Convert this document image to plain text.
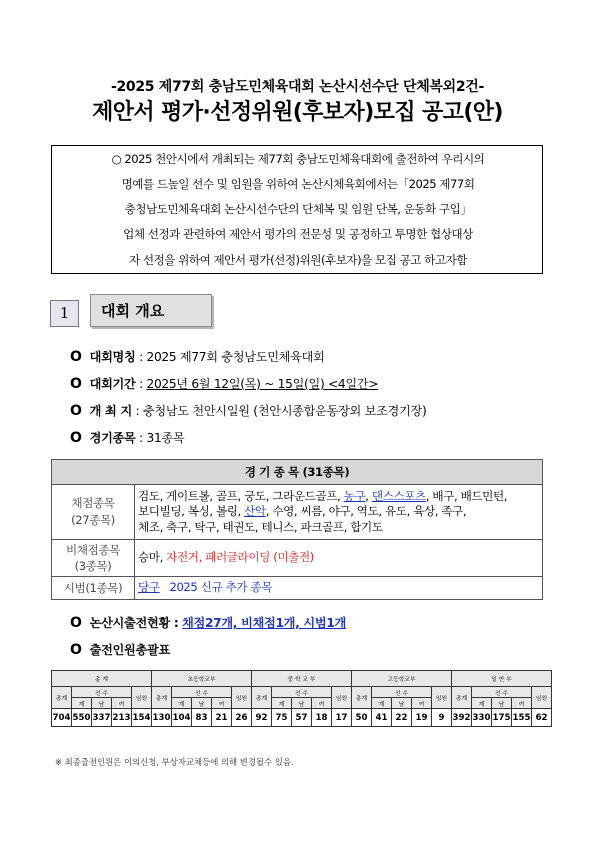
-2025 제77회 충남도민체육대회 논산시선수단 단체복외2건-
제안서 평가·선정위원(후보자)모집 공고(안)
○ 2025 천안시에서 개최되는 제77회 충남도민체육대회에 출전하여 우리시의
명예를 드높일 선수 및 임원을 위하여 논산시체육회에서는「2025 제77회
충청남도민체육대회 논산시선수단의 단체복 및 임원 단복, 운동화 구입」
업체 선정과 관련하여 제안서 평가의 전문성 및 공정하고 투명한 협상대상
자 선정을 위하여 제안서 평가(선정)위원(후보자)을 모집 공고 하고자함
1	대회 개요
O 대회명칭 : 2025 제77회 충청남도민체육대회
O 대회기간 : 2025년 6월 12일(목) ~ 15일(일) <4일간>
O 개 최 지 : 충청남도 천안시일원 (천안시종합운동장외 보조경기장)
O 경기종목 : 31종목
경 기 종 목 (31종목)	
채점종목
(27종목)	검도, 게이트볼, 골프, 궁도, 그라운드골프, 농구, 댄스스포츠, 배구, 배드민턴,
보디빌딩, 복싱, 볼링, 산악, 수영, 씨름, 야구, 역도, 유도, 육상, 족구,
체조, 축구, 탁구, 태권도, 테니스, 파크골프, 합기도
비채점종목
(3종목)	승마, 자전거, 패러글라이딩 (미출전)
시범(1종목)	당구   2025 신규 추가 종목
O 논산시출전현황 : 채점27개, 비채점1개, 시범1개
O 출전인원총괄표
총 계					초등학교부					중 학 교 부					고등학교부					일 반 부				
총계	선 수			임원	총계	선 수			임원	총계	선 수			임원	총계	선 수			임원	총계	선 수			임원
	계	남	여			계	남	여			계	남	여			계	남	여			계	남	여	
704	550	337	213	154	130	104	83	21	26	92	75	57	18	17	50	41	22	19	9	392	330	175	155	62
※ 최종출전인원은 이의신청, 부상자교체등에 의해 변경될수 있음.
